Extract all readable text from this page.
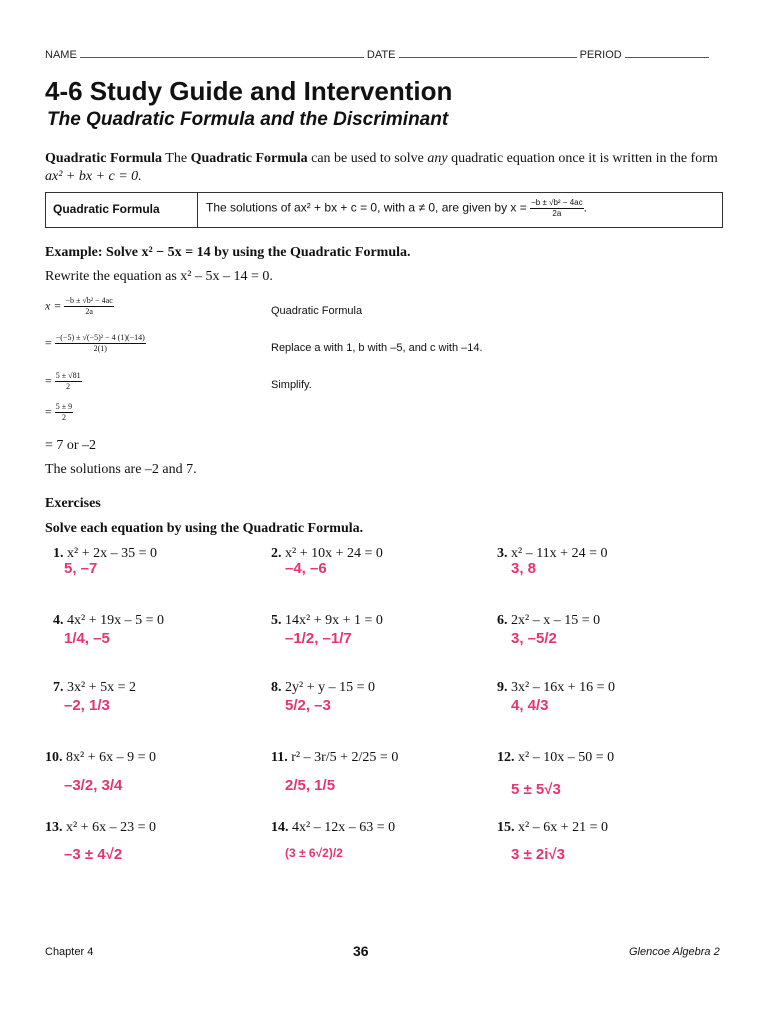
NAME	DATE	PERIOD
4-6 Study Guide and Intervention
The Quadratic Formula and the Discriminant
Quadratic Formula The Quadratic Formula can be used to solve any quadratic equation once it is written in the form
ax² + bx + c = 0.
Quadratic Formula	The solutions of ax² + bx + c = 0, with a ≠ 0, are given by $x = \frac{\text{−b ± √b² − 4ac}}{2a}$ .
Example: Solve x² − 5x = 14 by using the Quadratic Formula.
Rewrite the equation as x² – 5x – 14 = 0.
$x = \frac{\text{−b ± √b² − 4ac}}{2a}$	Quadratic Formula
= $\frac{\text{−(−5) ± √(−5)² − 4 (1)(−14)}}{2(1)}$	Replace a with 1, b with –5, and c with –14.
= $\frac{5 \pm √81}{2}$	Simplify.
= $\frac{5 \pm 9}{2}$
= 7 or –2
The solutions are –2 and 7.
Exercises
Solve each equation by using the Quadratic Formula.
1. x² + 2x – 35 = 0
5, –7
2. x² + 10x + 24 = 0
–4, –6
3. x² – 11x + 24 = 0
3, 8
4. 4x² + 19x – 5 = 0
1/4, –5
5. 14x² + 9x + 1 = 0
–1/2, –1/7
6. 2x² – x – 15 = 0
3, –5/2
7. 3x² + 5x = 2
–2, 1/3
8. 2y² + y – 15 = 0
5/2, –3
9. 3x² – 16x + 16 = 0
4, 4/3
10. 8x² + 6x – 9 = 0
–3/2, 3/4
11. r² – 3r/5 + 2/25 = 0
2/5, 1/5
12. x² – 10x – 50 = 0
5 ± 5√3
13. x² + 6x – 23 = 0
–3 ± 4√2
14. 4x² – 12x – 63 = 0
(3 ± 6√2)/2
15. x² – 6x + 21 = 0
3 ± 2i√3
Chapter 4	36	Glencoe Algebra 2
